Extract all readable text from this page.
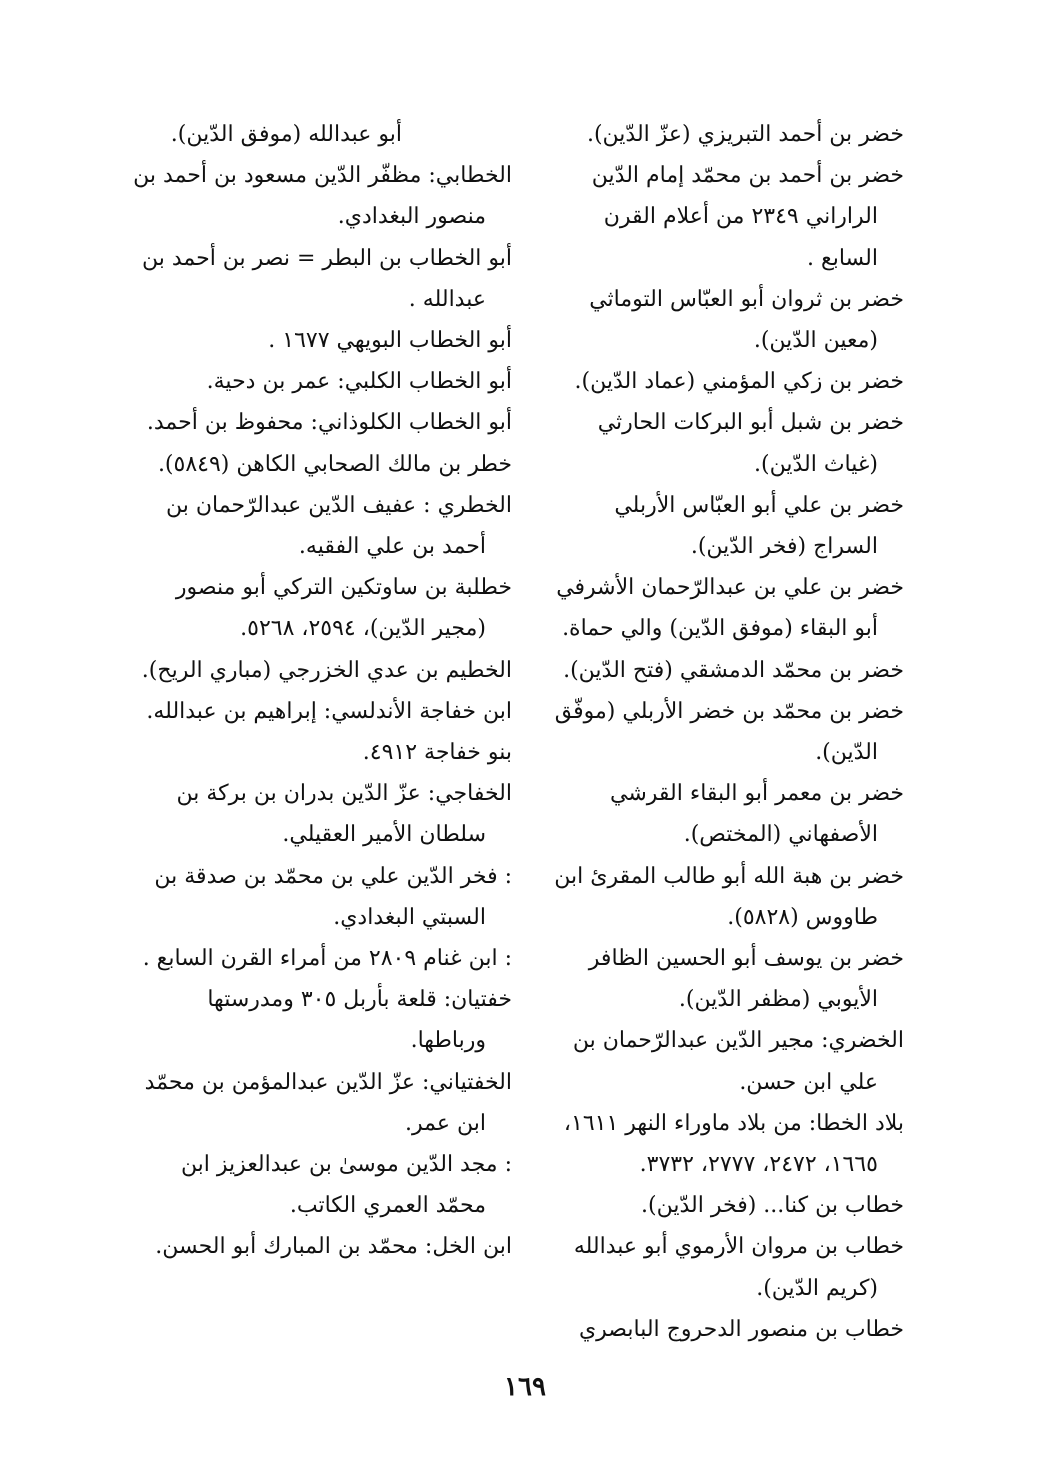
خضر بن أحمد التبريزي (عزّ الدّين).

خضر بن أحمد بن محمّد إمام الدّين الراراني ٢٣٤٩ من أعلام القرن السابع .

خضر بن ثروان أبو العبّاس التوماثي (معين الدّين).

خضر بن زكي المؤمني (عماد الدّين).

خضر بن شبل أبو البركات الحارثي (غياث الدّين).

خضر بن علي أبو العبّاس الأربلي السراج (فخر الدّين).

خضر بن علي بن عبدالرّحمان الأشرفي أبو البقاء (موفق الدّين) والي حماة.

خضر بن محمّد الدمشقي (فتح الدّين).

خضر بن محمّد بن خضر الأربلي (موفّق الدّين).

خضر بن معمر أبو البقاء القرشي الأصفهاني (المختص).

خضر بن هبة الله أبو طالب المقرئ ابن طاووس (٥٨٢٨).

خضر بن يوسف أبو الحسين الظافر الأيوبي (مظفر الدّين).

الخضري: مجير الدّين عبدالرّحمان بن علي ابن حسن.

بلاد الخطا: من بلاد ماوراء النهر ١٦١١، ١٦٦٥، ٢٤٧٢، ٢٧٧٧، ٣٧٣٢.

خطاب بن كنا... (فخر الدّين).

خطاب بن مروان الأرموي أبو عبدالله (كريم الدّين).

خطاب بن منصور الدحروج البابصري

أبو عبدالله (موفق الدّين).

الخطابي: مظفّر الدّين مسعود بن أحمد بن منصور البغدادي.

أبو الخطاب بن البطر = نصر بن أحمد بن عبدالله .

أبو الخطاب البويهي ١٦٧٧ .

أبو الخطاب الكلبي: عمر بن دحية.

أبو الخطاب الكلوذاني: محفوظ بن أحمد.

خطر بن مالك الصحابي الكاهن (٥٨٤٩).

الخطري : عفيف الدّين عبدالرّحمان بن أحمد بن علي الفقيه.

خطلبة بن ساوتكين التركي أبو منصور (مجير الدّين)، ٢٥٩٤، ٥٢٦٨.

الخطيم بن عدي الخزرجي (مباري الريح).

ابن خفاجة الأندلسي: إبراهيم بن عبدالله.

بنو خفاجة ٤٩١٢.

الخفاجي: عزّ الدّين بدران بن بركة بن سلطان الأمير العقيلي.

: فخر الدّين علي بن محمّد بن صدقة بن السبتي البغدادي.

: ابن غنام ٢٨٠٩ من أمراء القرن السابع .

خفتيان: قلعة بأربل ٣٠٥ ومدرستها ورباطها.

الخفتياني: عزّ الدّين عبدالمؤمن بن محمّد ابن عمر.

: مجد الدّين موسىٰ بن عبدالعزيز ابن محمّد العمري الكاتب.

ابن الخل: محمّد بن المبارك أبو الحسن.

١٦٩
